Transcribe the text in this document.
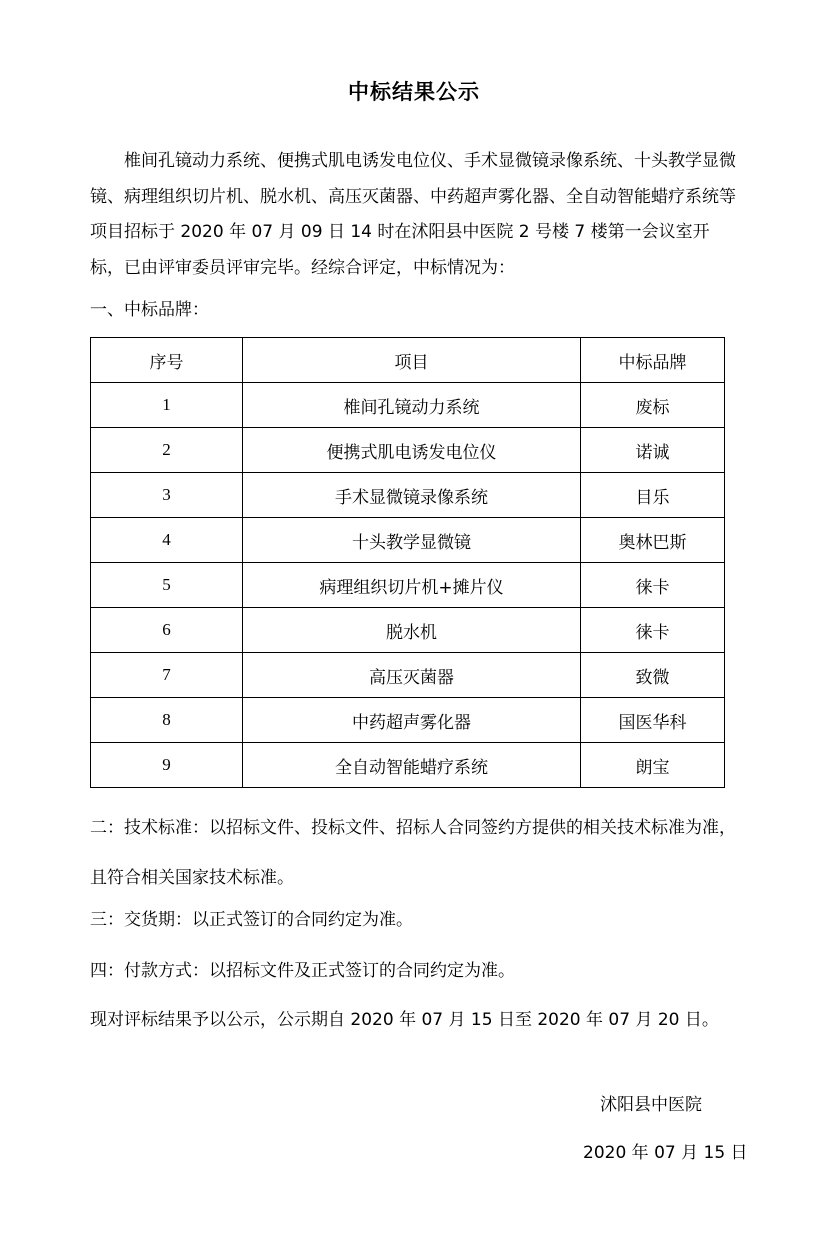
中标结果公示
椎间孔镜动力系统、便携式肌电诱发电位仪、手术显微镜录像系统、十头教学显微镜、病理组织切片机、脱水机、高压灭菌器、中药超声雾化器、全自动智能蜡疗系统等项目招标于 2020 年 07 月 09 日 14 时在沭阳县中医院 2 号楼 7 楼第一会议室开标，已由评审委员评审完毕。经综合评定，中标情况为：
一、中标品牌：
序号	项目	中标品牌
1	椎间孔镜动力系统	废标
2	便携式肌电诱发电位仪	诺诚
3	手术显微镜录像系统	目乐
4	十头教学显微镜	奥林巴斯
5	病理组织切片机+摊片仪	徕卡
6	脱水机	徕卡
7	高压灭菌器	致微
8	中药超声雾化器	国医华科
9	全自动智能蜡疗系统	朗宝
二：技术标准：以招标文件、投标文件、招标人合同签约方提供的相关技术标准为准，且符合相关国家技术标准。
三：交货期：以正式签订的合同约定为准。
四：付款方式：以招标文件及正式签订的合同约定为准。
现对评标结果予以公示，公示期自 2020 年 07 月 15 日至 2020 年 07 月 20 日。
沭阳县中医院
2020 年 07 月 15 日
